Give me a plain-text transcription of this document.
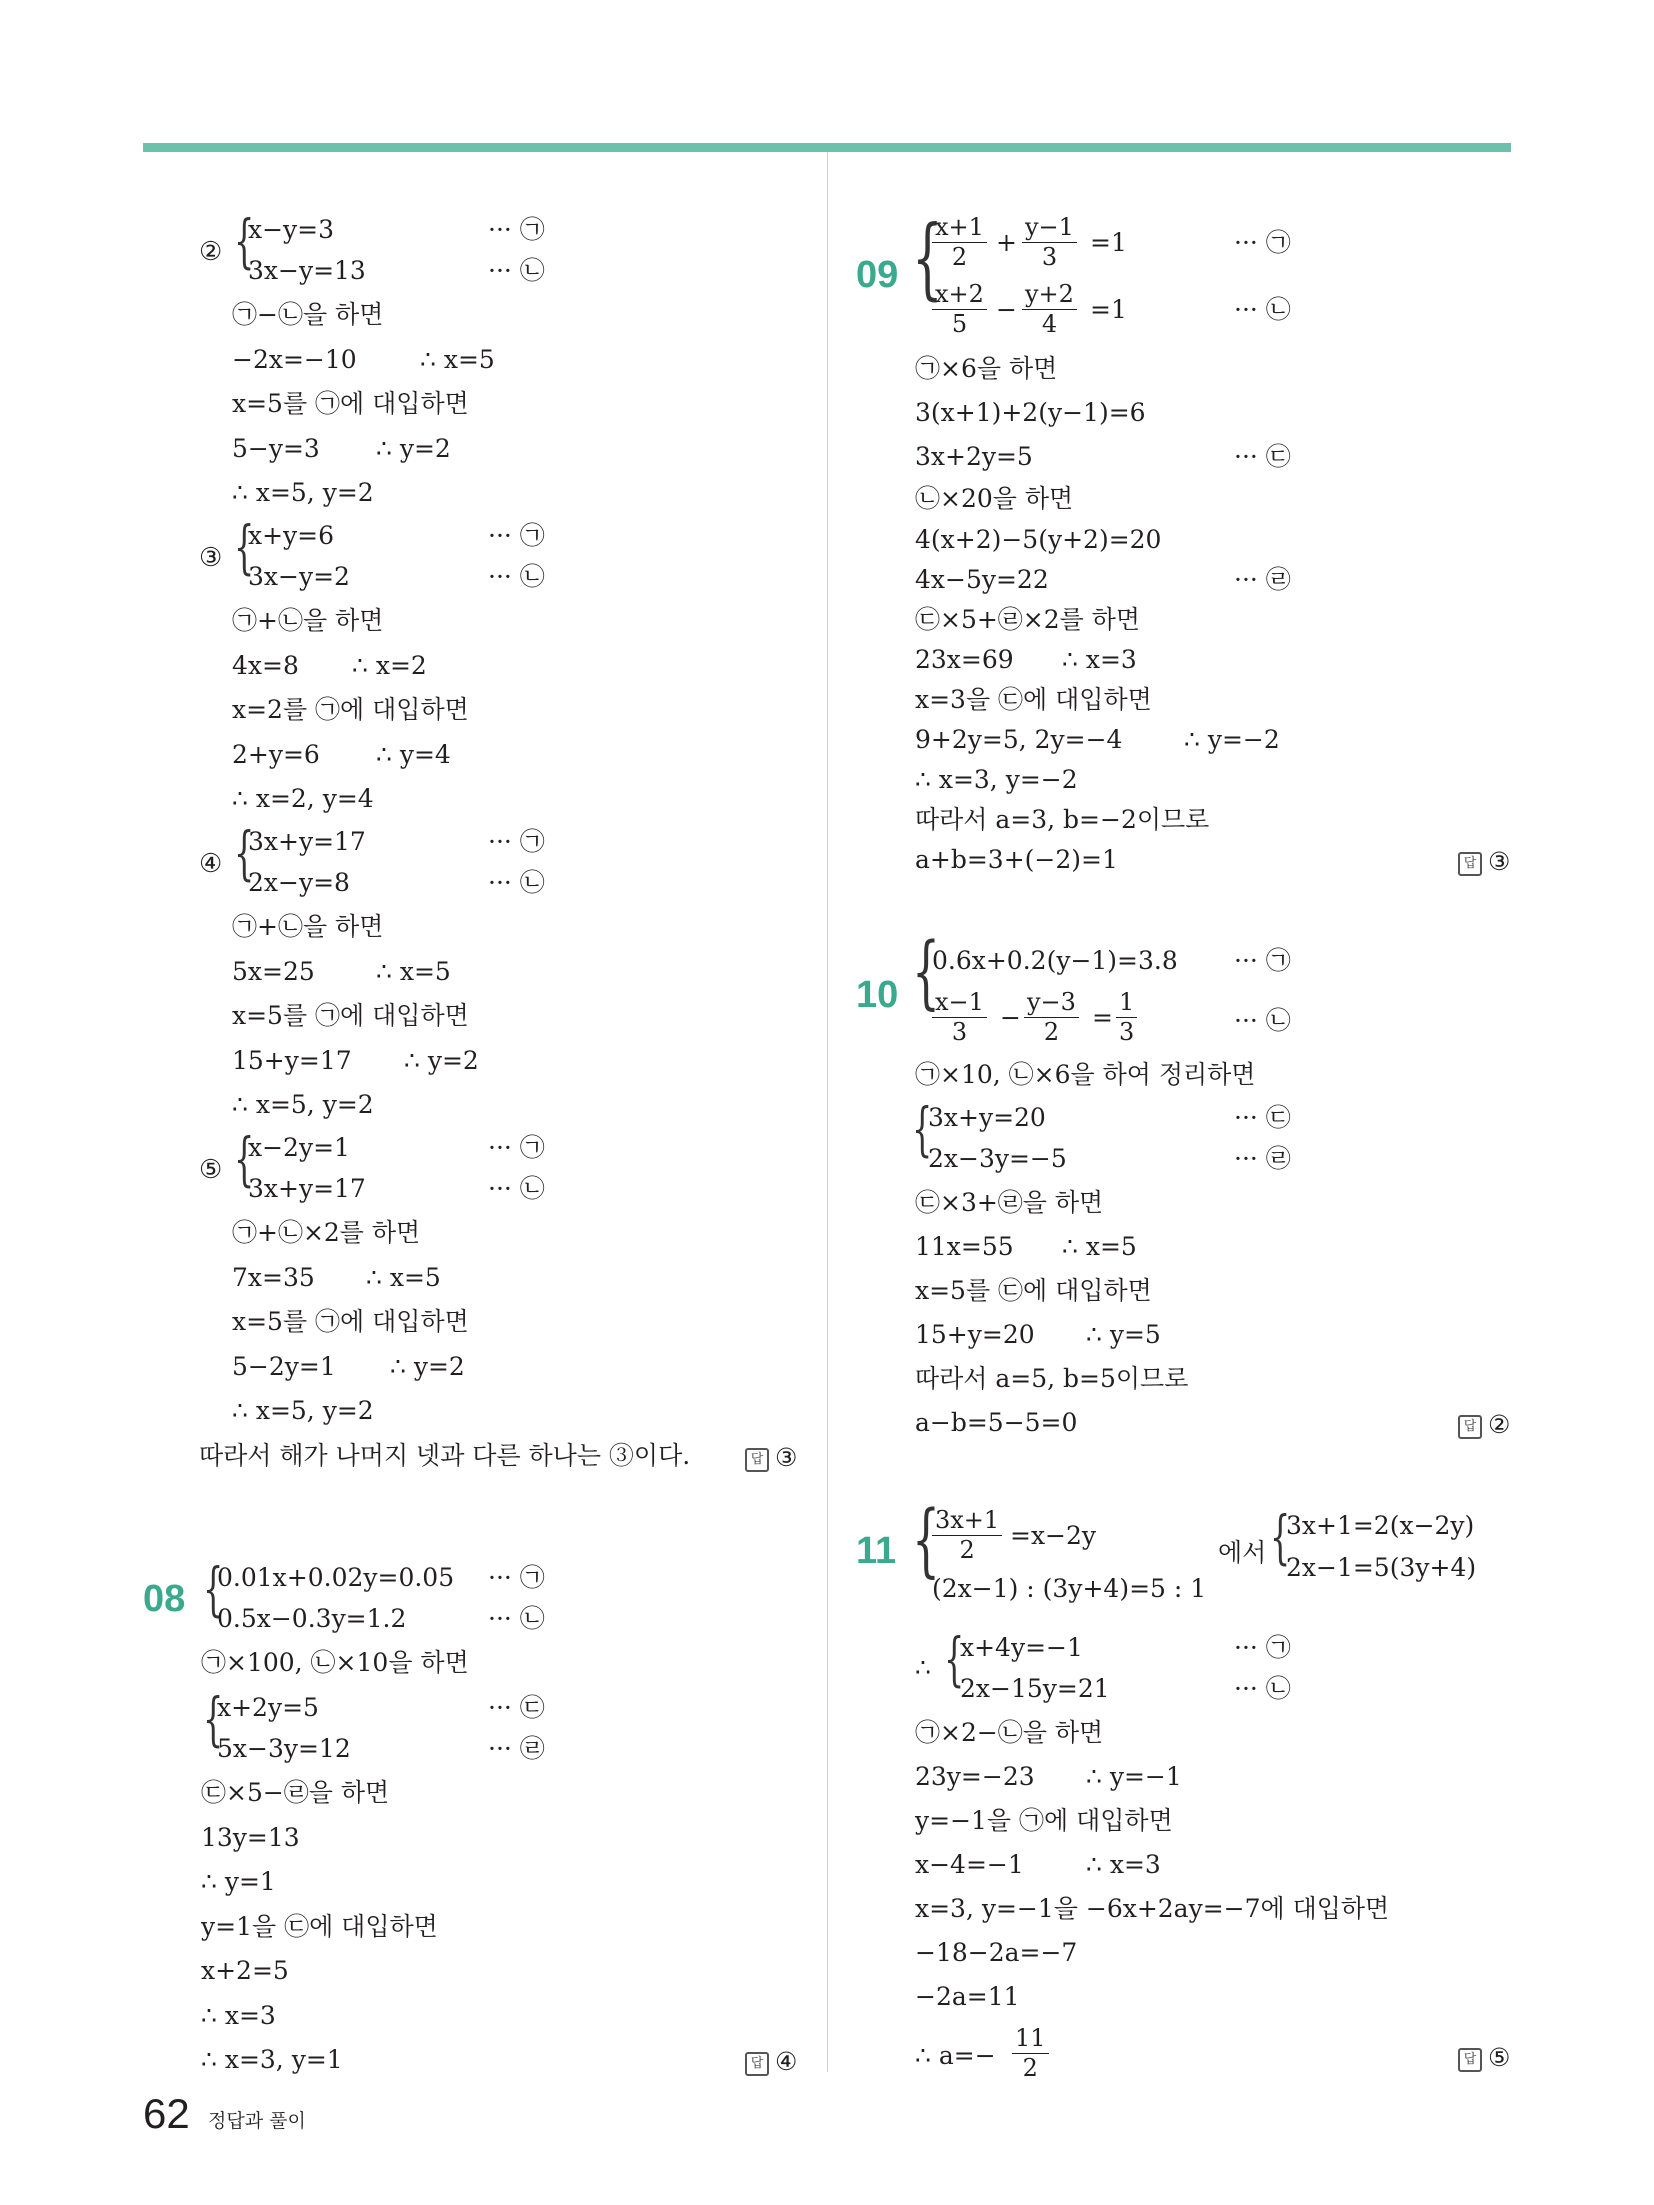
② {
x−y=3	··· ㉠
3x−y=13	··· ㉡
㉠−㉡을 하면
−2x=−10	∴ x=5
x=5를 ㉠에 대입하면
5−y=3 ∴ y=2
∴ x=5, y=2
③ {
x+y=6	··· ㉠
3x−y=2	··· ㉡
㉠+㉡을 하면
4x=8 ∴ x=2
x=2를 ㉠에 대입하면
2+y=6 ∴ y=4
∴ x=2, y=4
④ {
3x+y=17	··· ㉠
2x−y=8	··· ㉡
㉠+㉡을 하면
5x=25 ∴ x=5
x=5를 ㉠에 대입하면
15+y=17 ∴ y=2
∴ x=5, y=2
⑤ {
x−2y=1	··· ㉠
3x+y=17	··· ㉡
㉠+㉡×2를 하면
7x=35 ∴ x=5
x=5를 ㉠에 대입하면
5−2y=1 ∴ y=2
∴ x=5, y=2
따라서 해가 나머지 넷과 다른 하나는 ③이다.	답 ③
08 {
0.01x+0.02y=0.05 ··· ㉠
0.5x−0.3y=1.2	··· ㉡
㉠×100, ㉡×10을 하면
{
x+2y=5	··· ㉢
5x−3y=12	··· ㉣
㉢×5−㉣을 하면
13y=13
∴ y=1
y=1을 ㉢에 대입하면
x+2=5
∴ x=3
∴ x=3, y=1	답 ④
09 {
$\frac{x+1}{2} + \frac{y-1}{3} =1$	··· ㉠
$\frac{x+2}{5} - \frac{y+2}{4} =1$	··· ㉡
㉠×6을 하면
3(x+1)+2(y−1)=6
3x+2y=5	··· ㉢
㉡×20을 하면
4(x+2)−5(y+2)=20
4x−5y=22	··· ㉣
㉢×5+㉣×2를 하면
23x=69 ∴ x=3
x=3을 ㉢에 대입하면
9+2y=5, 2y=−4 ∴ y=−2
∴ x=3, y=−2
따라서 a=3, b=−2이므로
a+b=3+(−2)=1	답 ③
10 {
0.6x+0.2(y−1)=3.8 ··· ㉠
$\frac{x-1}{3} - \frac{y-3}{2} = \frac{1}{3}$	··· ㉡
㉠×10, ㉡×6을 하여 정리하면
{
3x+y=20	··· ㉢
2x−3y=−5	··· ㉣
㉢×3+㉣을 하면
11x=55 ∴ x=5
x=5를 ㉢에 대입하면
15+y=20 ∴ y=5
따라서 a=5, b=5이므로
a−b=5−5=0	답 ②
11 {
$\frac{3x+1}{2} =x-2y$
(2x−1) : (3y+4)=5 : 1
에서 {
3x+1=2(x−2y)
2x−1=5(3y+4)
∴ {
x+4y=−1	··· ㉠
2x−15y=21	··· ㉡
㉠×2−㉡을 하면
23y=−23 ∴ y=−1
y=−1을 ㉠에 대입하면
x−4=−1 ∴ x=3
x=3, y=−1을 −6x+2ay=−7에 대입하면
−18−2a=−7
−2a=11
∴ $a=- \frac{11}{2}$	답 ⑤
62 정답과 풀이
